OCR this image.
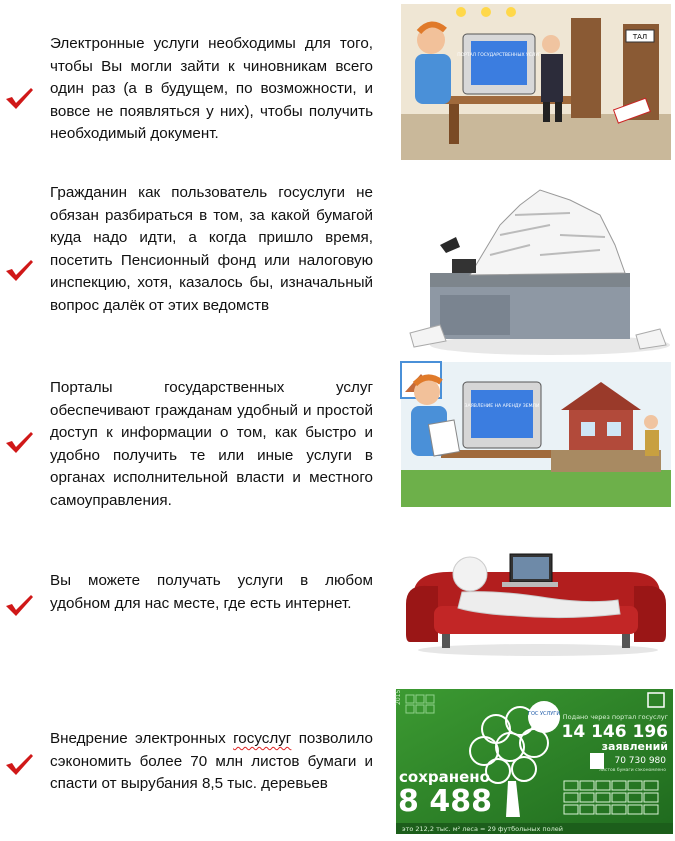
Электронные услуги необходимы для того, чтобы Вы могли зайти к чиновникам всего один раз (а в будущем, по возможности, и вовсе не появляться у них), чтобы получить необходимый документ.

ТАЛ
ПОРТАЛ ГОСУДАРСТВЕННЫХ УСЛУГ

Гражданин как пользователь госуслуги не обязан разбираться в том, за какой бумагой куда надо идти, а когда пришло время, посетить Пенсионный фонд или налоговую инспекцию, хотя, казалось бы, изначальный вопрос далёк от этих ведомств

Порталы государственных услуг обеспечивают гражданам удобный и простой доступ к информации о том, как быстро и удобно получить те или иные услуги в органах исполнительной власти и местного самоуправления.

ЗАЯВЛЕНИЕ НА АРЕНДУ ЗЕМЛИ

Вы можете получать услуги в любом удобном для нас месте, где есть интернет.

Внедрение электронных госуслуг позволило сэкономить более 70 млн листов бумаги и спасти от вырубания 8,5 тыс. деревьев

2015
ГОС УСЛУГИ Подано через портал госуслуг
14 146 196
заявлений
70 730 980
листов бумаги сэкономлено
сохранено
8 488
это 212,2 тыс. м² леса = 29 футбольных полей
